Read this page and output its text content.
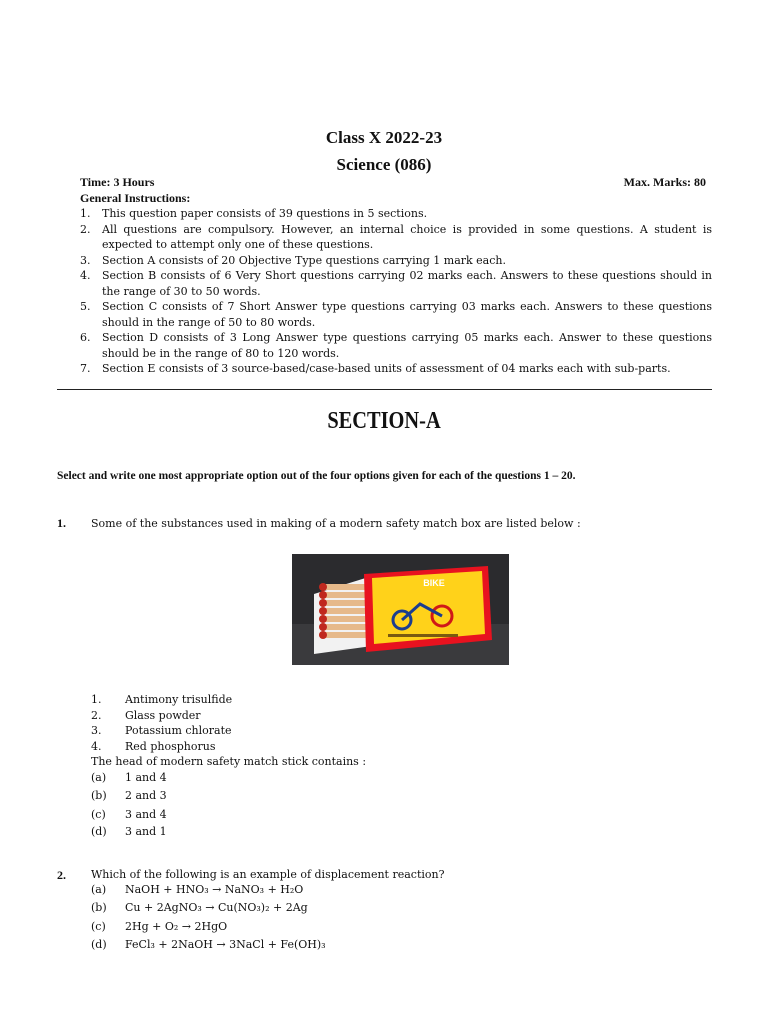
Class X 2022-23
Science (086)
Time: 3 Hours	Max. Marks: 80
General Instructions:
1. This question paper consists of 39 questions in 5 sections.
2. All questions are compulsory. However, an internal choice is provided in some questions. A student is expected to attempt only one of these questions.
3. Section A consists of 20 Objective Type questions carrying 1 mark each.
4. Section B consists of 6 Very Short questions carrying 02 marks each. Answers to these questions should in the range of 30 to 50 words.
5. Section C consists of 7 Short Answer type questions carrying 03 marks each. Answers to these questions should in the range of 50 to 80 words.
6. Section D consists of 3 Long Answer type questions carrying 05 marks each. Answer to these questions should be in the range of 80 to 120 words.
7. Section E consists of 3 source-based/case-based units of assessment of 04 marks each with sub-parts.
SECTION-A
Select and write one most appropriate option out of the four options given for each of the questions 1 – 20.
1. Some of the substances used in making of a modern safety match box are listed below :
BIKE
1. Antimony trisulfide
2. Glass powder
3. Potassium chlorate
4. Red phosphorus
The head of modern safety match stick contains :
(a) 1 and 4
(b) 2 and 3
(c) 3 and 4
(d) 3 and 1
2. Which of the following is an example of displacement reaction?
(a) NaOH + HNO₃ → NaNO₃ + H₂O
(b) Cu + 2AgNO₃ → Cu(NO₃)₂ + 2Ag
(c) 2Hg + O₂ → 2HgO
(d) FeCl₃ + 2NaOH → 3NaCl + Fe(OH)₃
